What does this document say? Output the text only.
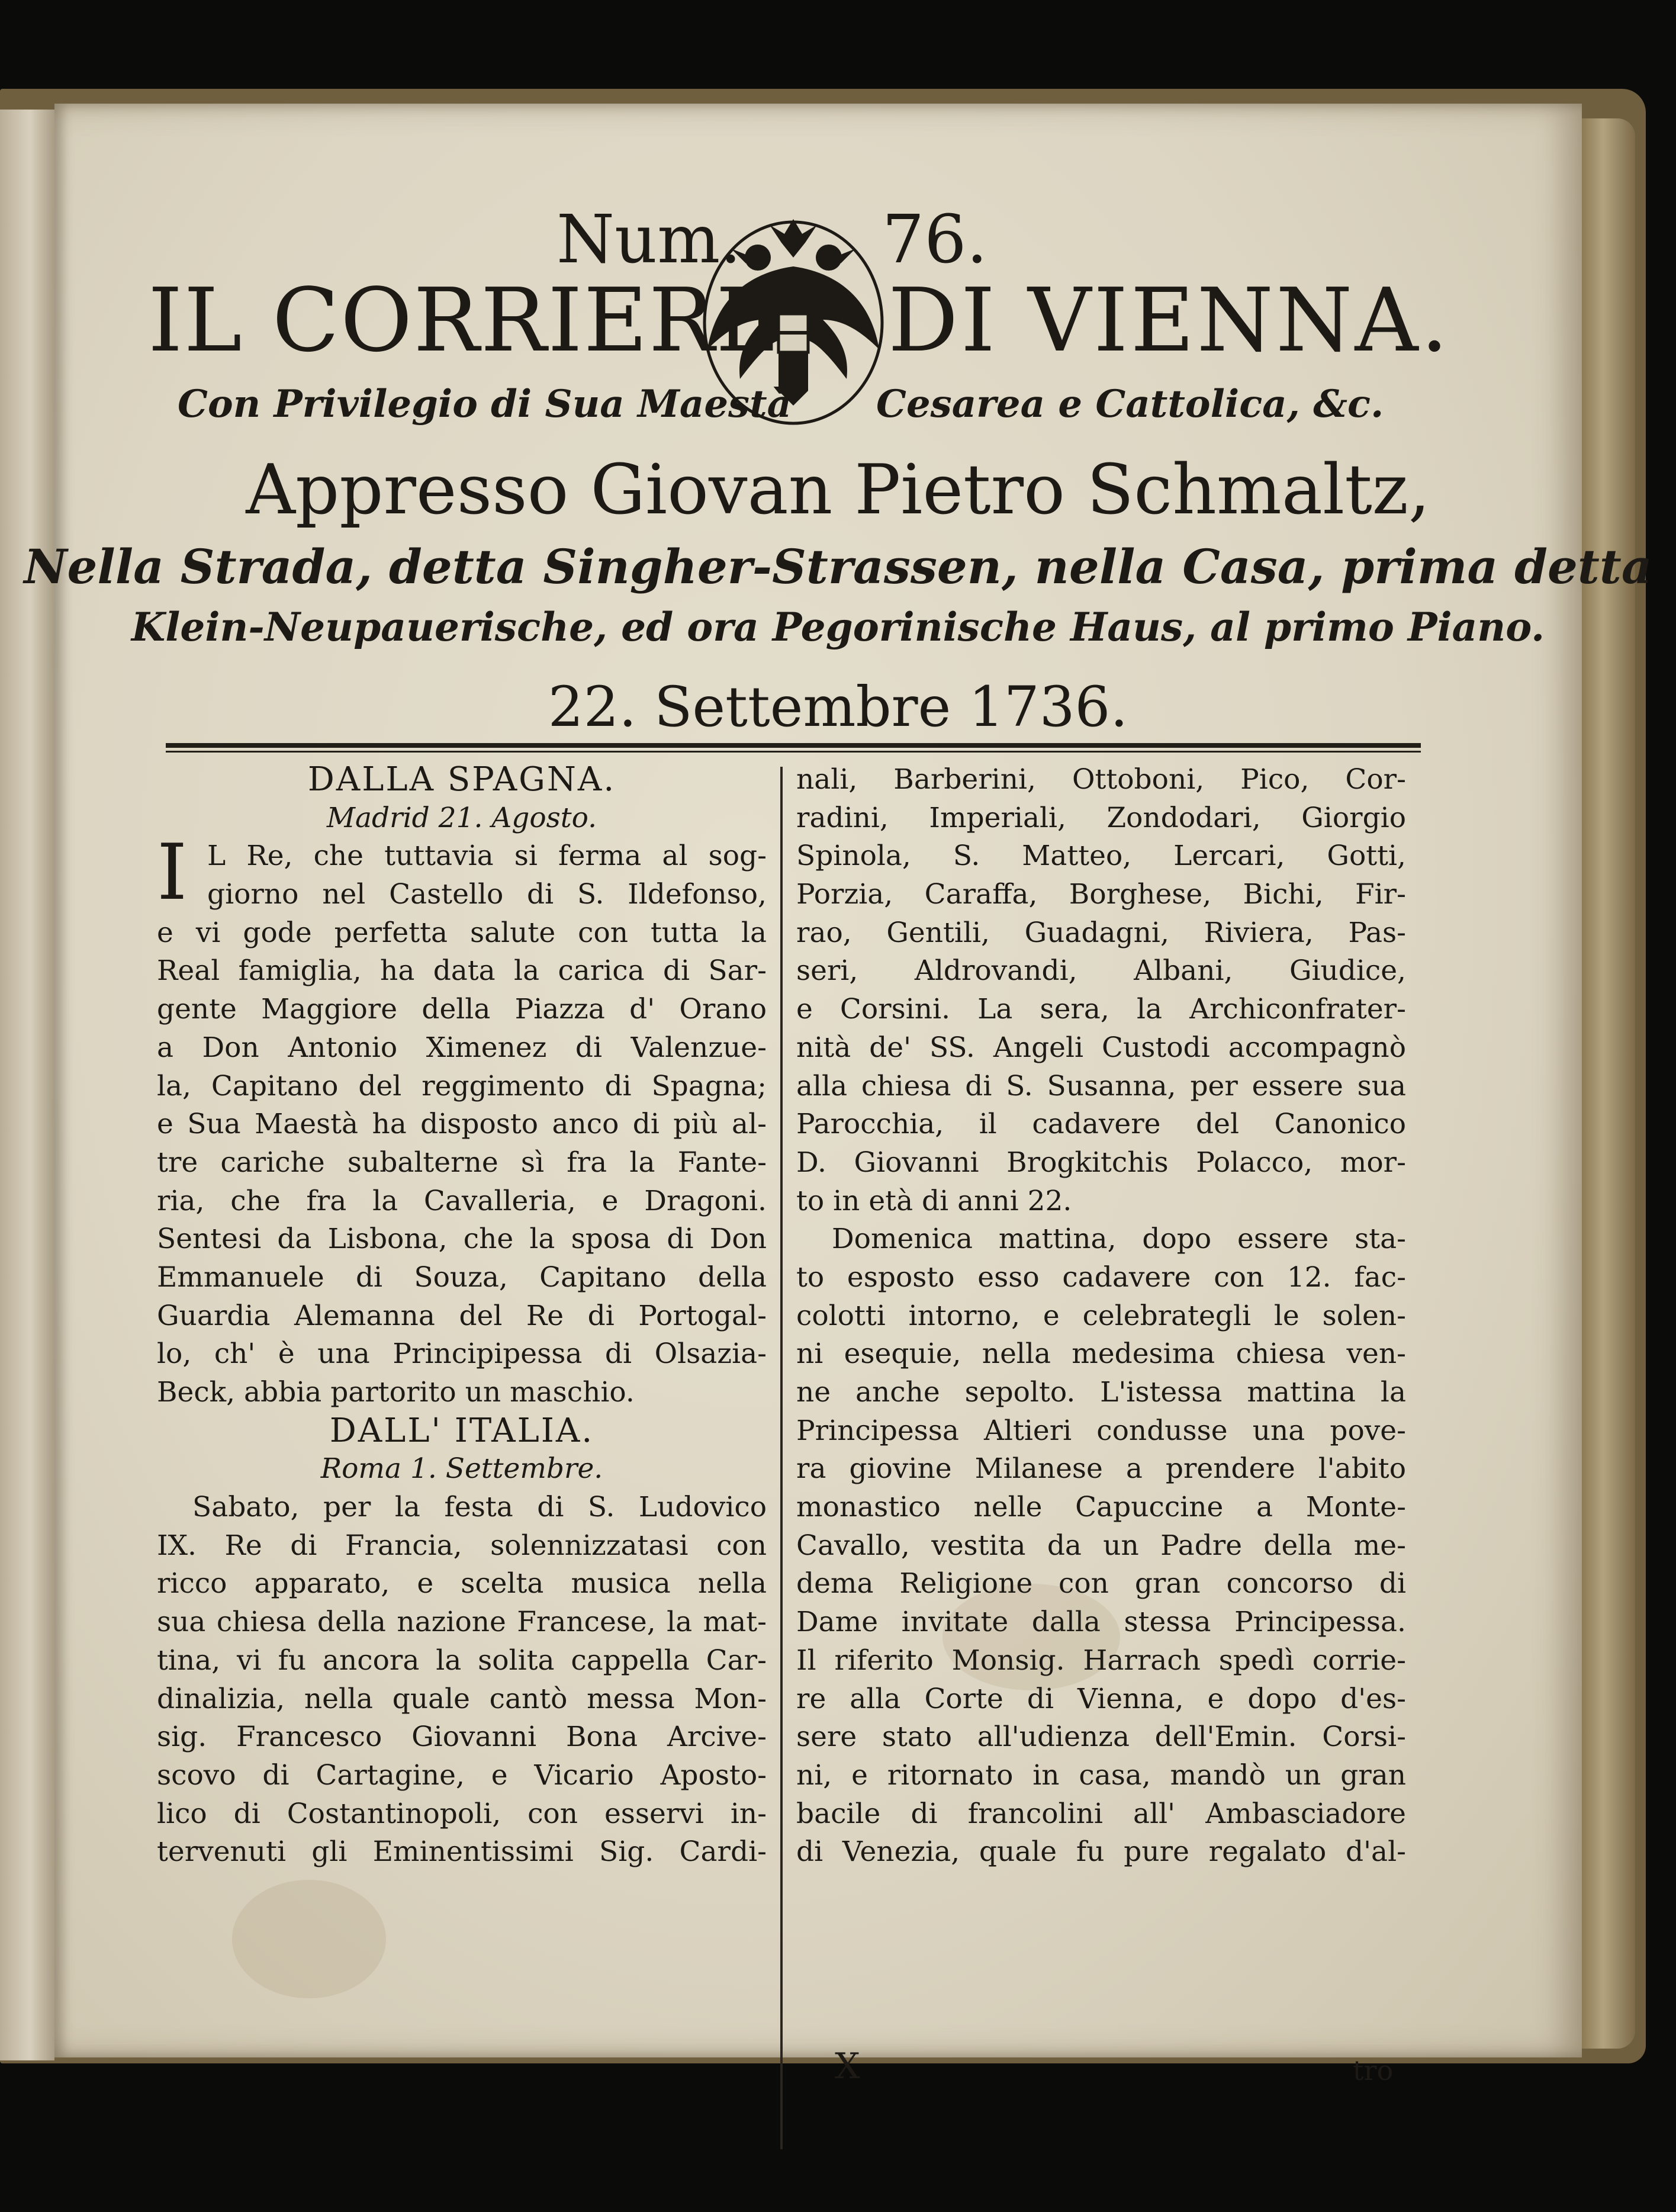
Num. 76.
IL CORRIERE DI VIENNA.
Con Privilegio di Sua Maestà Cesarea e Cattolica, &c.
Appresso Giovan Pietro Schmaltz,
Nella Strada, detta Singher-Strassen, nella Casa, prima detta
Klein-Neupauerische, ed ora Pegorinische Haus, al primo Piano.
22. Settembre 1736.
I
DALLA SPAGNA.
Madrid 21. Agosto.
L Re, che tuttavia si ferma al sog-
giorno nel Castello di S. Ildefonso,
e vi gode perfetta salute con tutta la
Real famiglia, ha data la carica di Sar-
gente Maggiore della Piazza d' Orano
a Don Antonio Ximenez di Valenzue-
la, Capitano del reggimento di Spagna;
e Sua Maestà ha disposto anco di più al-
tre cariche subalterne sì fra la Fante-
ria, che fra la Cavalleria, e Dragoni.
Sentesi da Lisbona, che la sposa di Don
Emmanuele di Souza, Capitano della
Guardia Alemanna del Re di Portogal-
lo, ch' è una Principipessa di Olsazia-
Beck, abbia partorito un maschio.
DALL' ITALIA.
Roma 1. Settembre.
Sabato, per la festa di S. Ludovico
IX. Re di Francia, solennizzatasi con
ricco apparato, e scelta musica nella
sua chiesa della nazione Francese, la mat-
tina, vi fu ancora la solita cappella Car-
dinalizia, nella quale cantò messa Mon-
sig. Francesco Giovanni Bona Arcive-
scovo di Cartagine, e Vicario Aposto-
lico di Costantinopoli, con esservi in-
tervenuti gli Eminentissimi Sig. Cardi-
nali, Barberini, Ottoboni, Pico, Cor-
radini, Imperiali, Zondodari, Giorgio
Spinola, S. Matteo, Lercari, Gotti,
Porzia, Caraffa, Borghese, Bichi, Fir-
rao, Gentili, Guadagni, Riviera, Pas-
seri, Aldrovandi, Albani, Giudice,
e Corsini. La sera, la Archiconfrater-
nità de' SS. Angeli Custodi accompagnò
alla chiesa di S. Susanna, per essere sua
Parocchia, il cadavere del Canonico
D. Giovanni Brogkitchis Polacco, mor-
to in età di anni 22.
Domenica mattina, dopo essere sta-
to esposto esso cadavere con 12. fac-
colotti intorno, e celebrategli le solen-
ni esequie, nella medesima chiesa ven-
ne anche sepolto. L'istessa mattina la
Principessa Altieri condusse una pove-
ra giovine Milanese a prendere l'abito
monastico nelle Capuccine a Monte-
Cavallo, vestita da un Padre della me-
dema Religione con gran concorso di
Dame invitate dalla stessa Principessa.
Il riferito Monsig. Harrach spedì corrie-
re alla Corte di Vienna, e dopo d'es-
sere stato all'udienza dell'Emin. Corsi-
ni, e ritornato in casa, mandò un gran
bacile di francolini all' Ambasciadore
di Venezia, quale fu pure regalato d'al-
X	tro
